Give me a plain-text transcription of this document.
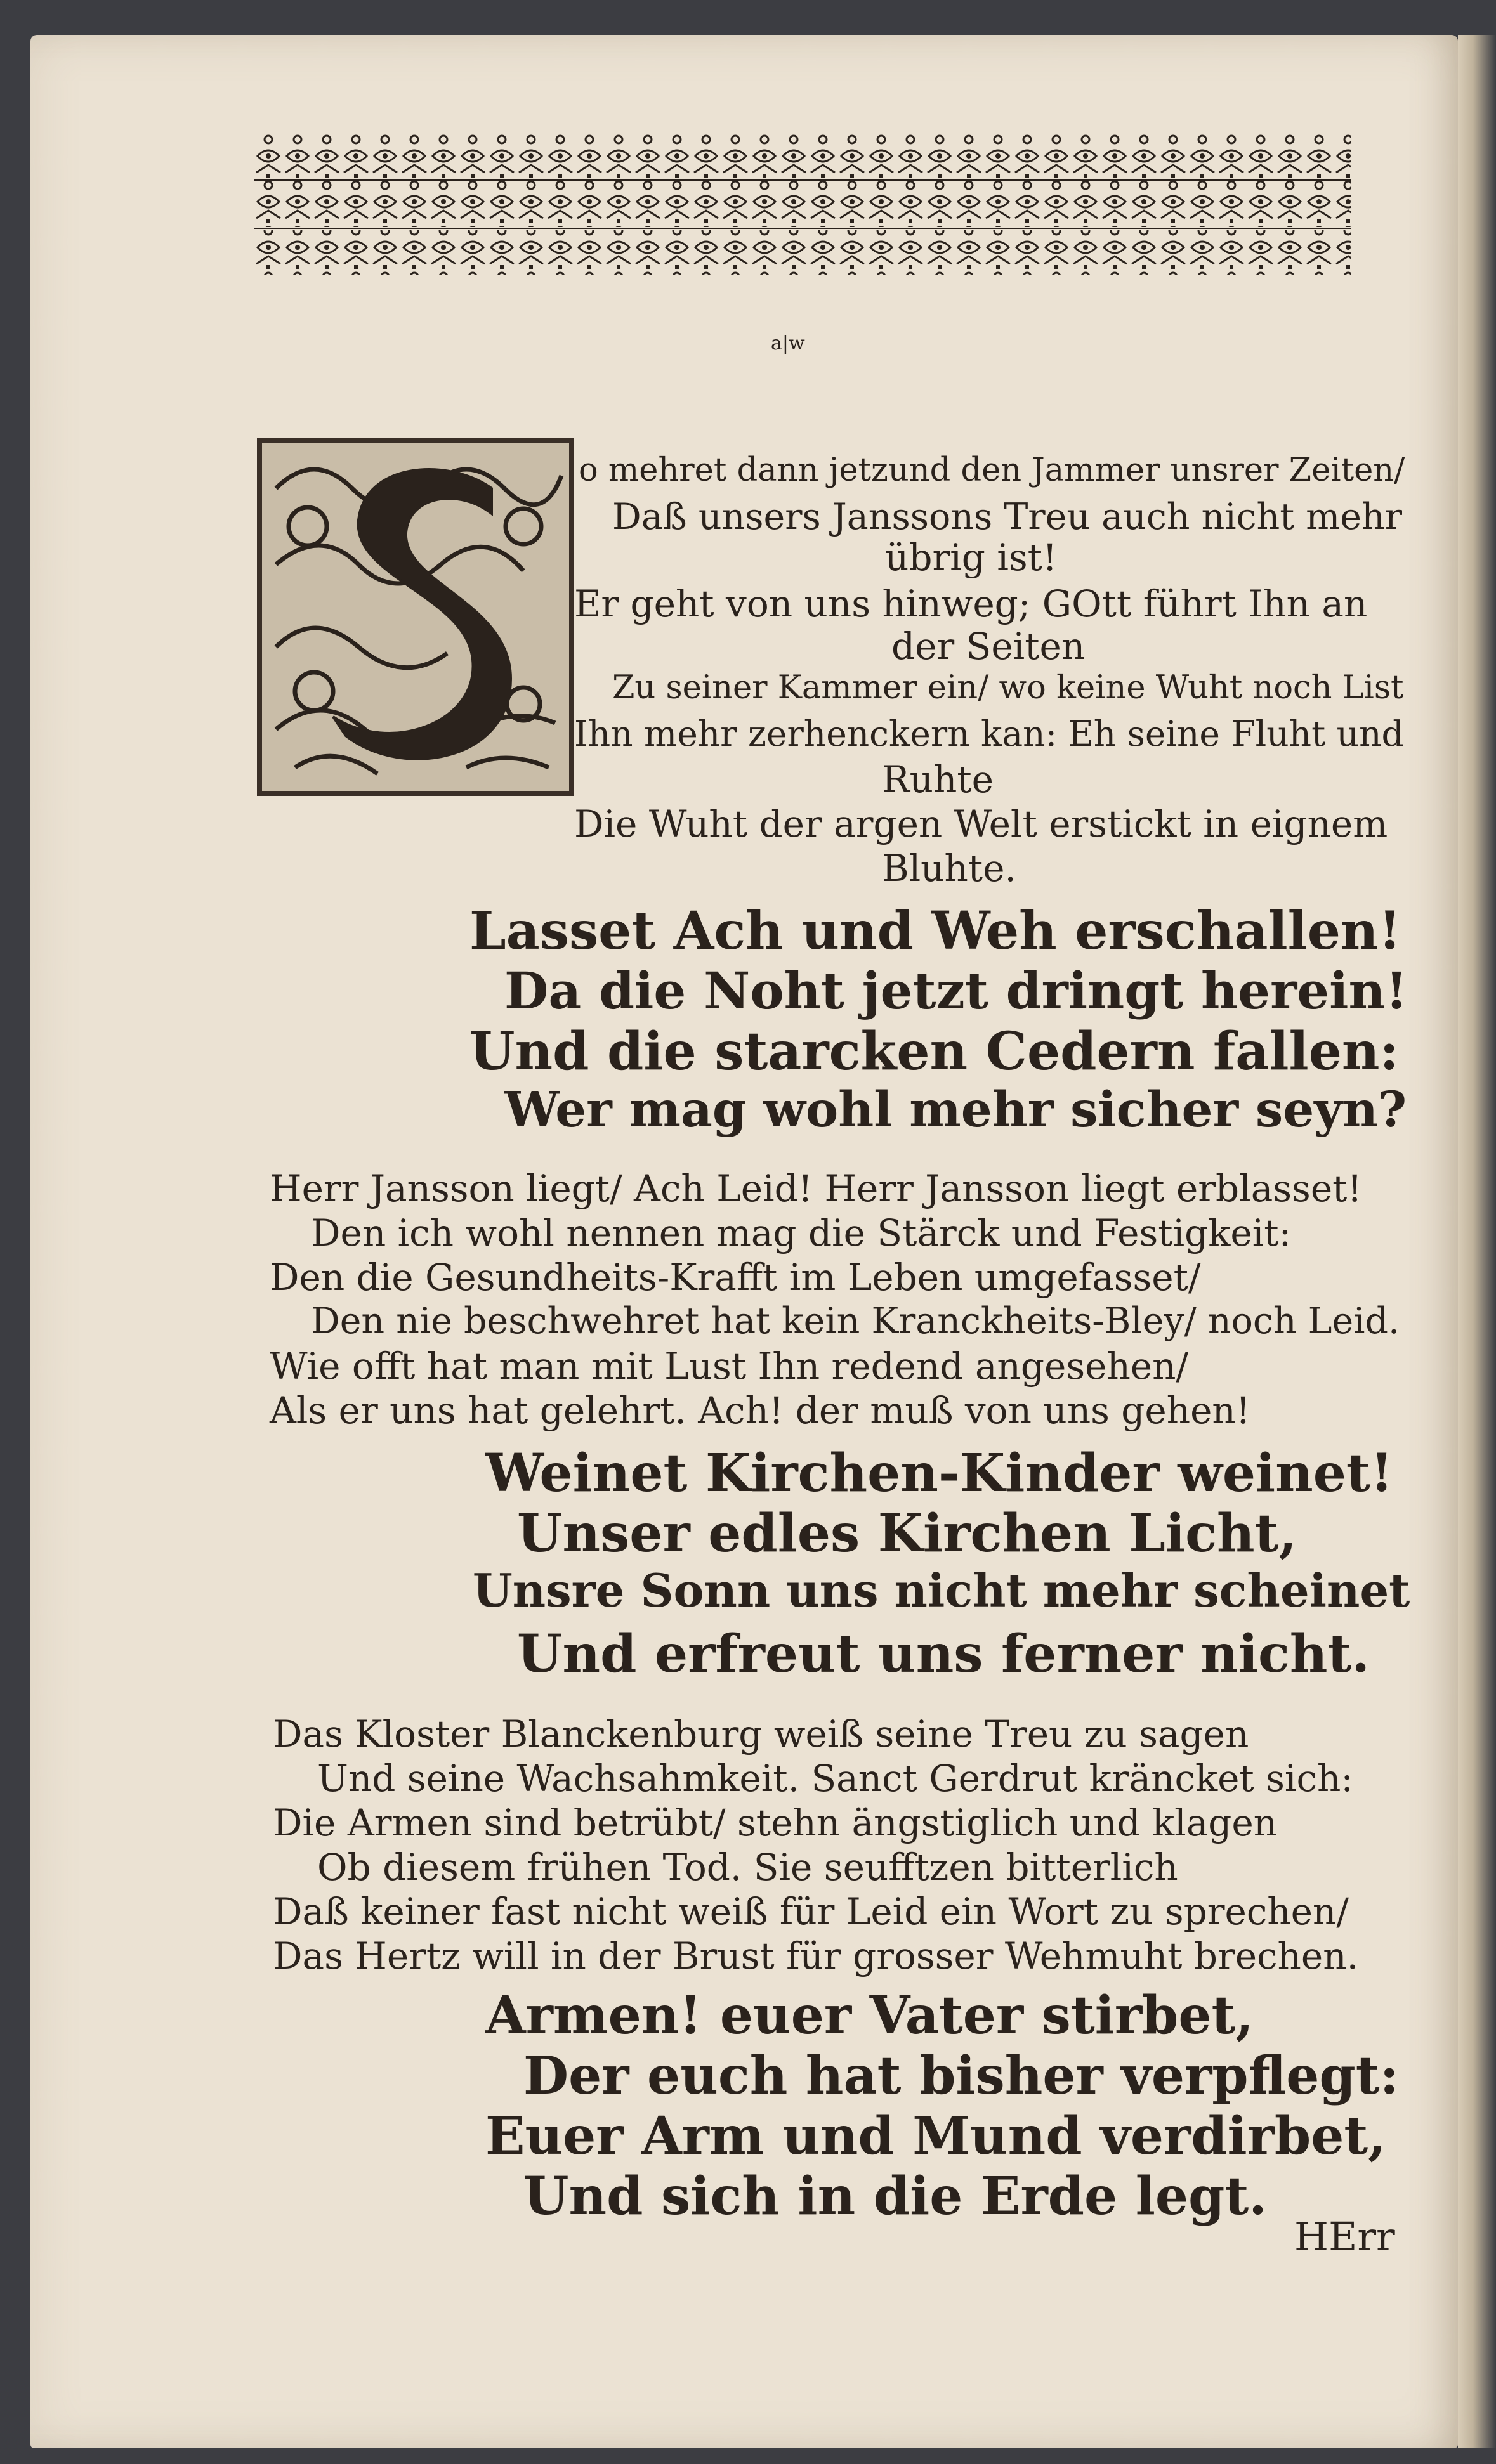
a|w
S
o mehret dann jetzund den Jammer unsrer Zeiten/
Daß unsers Janssons Treu auch nicht mehr
übrig ist!
Er geht von uns hinweg; GOtt führt Ihn an
der Seiten
Zu seiner Kammer ein/ wo keine Wuht noch List
Ihn mehr zerhenckern kan: Eh seine Fluht und
Ruhte
Die Wuht der argen Welt erstickt in eignem
Bluhte.
Lasset Ach und Weh erschallen!
Da die Noht jetzt dringt herein!
Und die starcken Cedern fallen:
Wer mag wohl mehr sicher seyn?
Herr Jansson liegt/ Ach Leid! Herr Jansson liegt erblasset!
Den ich wohl nennen mag die Stärck und Festigkeit:
Den die Gesundheits-Krafft im Leben umgefasset/
Den nie beschwehret hat kein Kranckheits-Bley/ noch Leid.
Wie offt hat man mit Lust Ihn redend angesehen/
Als er uns hat gelehrt. Ach! der muß von uns gehen!
Weinet Kirchen-Kinder weinet!
Unser edles Kirchen Licht,
Unsre Sonn uns nicht mehr scheinet
Und erfreut uns ferner nicht.
Das Kloster Blanckenburg weiß seine Treu zu sagen
Und seine Wachsahmkeit. Sanct Gerdrut kräncket sich:
Die Armen sind betrübt/ stehn ängstiglich und klagen
Ob diesem frühen Tod. Sie seufftzen bitterlich
Daß keiner fast nicht weiß für Leid ein Wort zu sprechen/
Das Hertz will in der Brust für grosser Wehmuht brechen.
Armen! euer Vater stirbet,
Der euch hat bisher verpflegt:
Euer Arm und Mund verdirbet,
Und sich in die Erde legt.
HErr
